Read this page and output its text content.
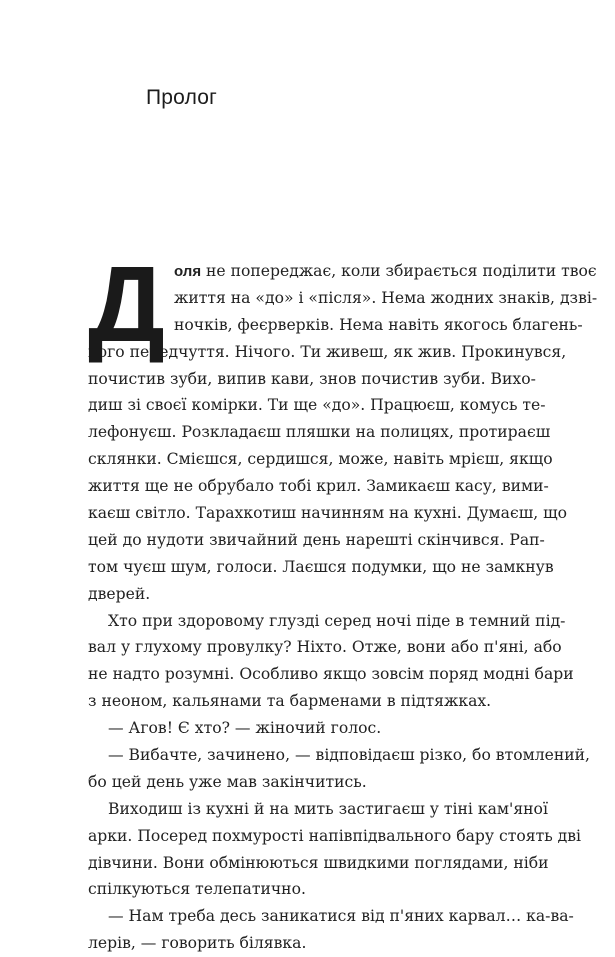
Пролог
Д оля не попереджає, коли збирається поділити твоє
життя на «до» і «після». Нема жодних знаків, дзві-
ночків, феєрверків. Нема навіть якогось благень-
кого передчуття. Нічого. Ти живеш, як жив. Прокинувся,
почистив зуби, випив кави, знов почистив зуби. Вихо-
диш зі своєї комірки. Ти ще «до». Працюєш, комусь те-
лефонуєш. Розкладаєш пляшки на полицях, протираєш
склянки. Смієшся, сердишся, може, навіть мрієш, якщо
життя ще не обрубало тобі крил. Замикаєш касу, вими-
каєш світло. Тарахкотиш начинням на кухні. Думаєш, що
цей до нудоти звичайний день нарешті скінчився. Рап-
том чуєш шум, голоси. Лаєшся подумки, що не замкнув
дверей.
Хто при здоровому глузді серед ночі піде в темний під-
вал у глухому провулку? Ніхто. Отже, вони або п'яні, або
не надто розумні. Особливо якщо зовсім поряд модні бари
з неоном, кальянами та барменами в підтяжках.
— Агов! Є хто? — жіночий голос.
— Вибачте, зачинено, — відповідаєш різко, бо втомлений,
бо цей день уже мав закінчитись.
Виходиш із кухні й на мить застигаєш у тіні кам'яної
арки. Посеред похмурості напівпідвального бару стоять дві
дівчини. Вони обмінюються швидкими поглядами, ніби
спілкуються телепатично.
— Нам треба десь заникатися від п'яних карвал… ка-ва-
лерів, — говорить білявка.
